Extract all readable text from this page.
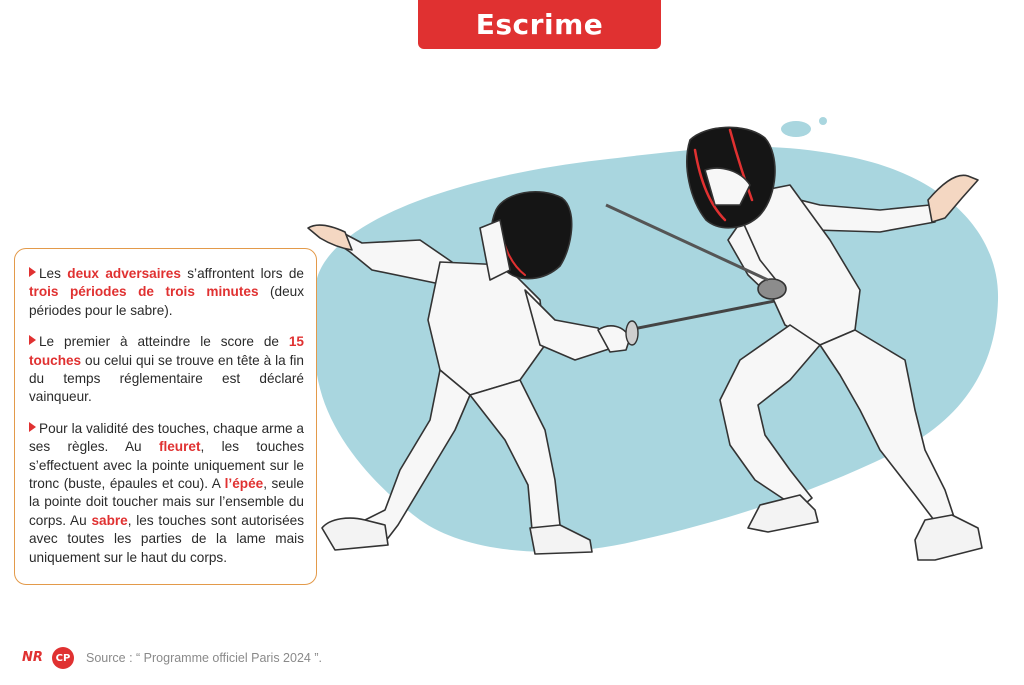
Escrime

Les deux adversaires s’affrontent lors de trois périodes de trois minutes (deux périodes pour le sabre).

Le premier à atteindre le score de 15 touches ou celui qui se trouve en tête à la fin du temps réglementaire est déclaré vainqueur.

Pour la validité des touches, chaque arme a ses règles. Au fleuret, les touches s’effectuent avec la pointe uniquement sur le tronc (buste, épaules et cou). A l’épée, seule la pointe doit toucher mais sur l’ensemble du corps. Au sabre, les touches sont autorisées avec toutes les parties de la lame mais uniquement sur le haut du corps.

NR	CP Source : “ Programme officiel Paris 2024 ”.
